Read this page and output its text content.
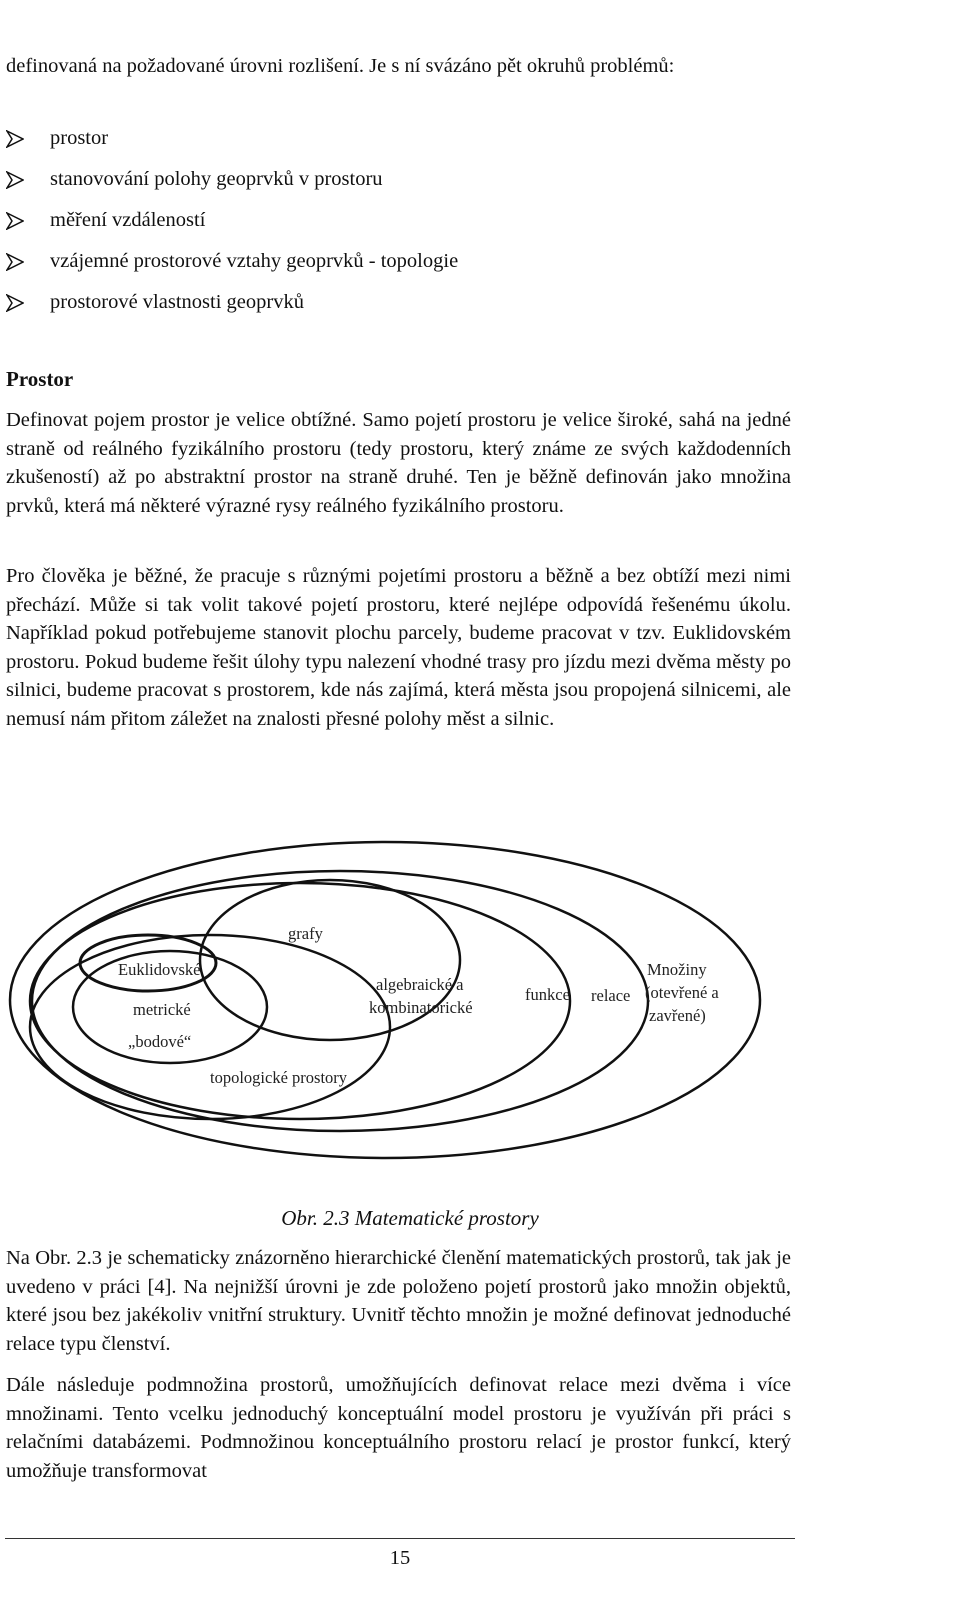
definovaná na požadované úrovni rozlišení. Je s ní svázáno pět okruhů problémů:

prostor
stanovování polohy geoprvků v prostoru
měření vzdáleností
vzájemné prostorové vztahy geoprvků - topologie
prostorové vlastnosti geoprvků
Prostor

Definovat pojem prostor je velice obtížné. Samo pojetí prostoru je velice široké, sahá na jedné straně od reálného fyzikálního prostoru (tedy prostoru, který známe ze svých každodenních zkušeností) až po abstraktní prostor na straně druhé. Ten je běžně definován jako množina prvků, která má některé výrazné rysy reálného fyzikálního prostoru.

Pro člověka je běžné, že pracuje s různými pojetími prostoru a běžně a bez obtíží mezi nimi přechází. Může si tak volit takové pojetí prostoru, které nejlépe odpovídá řešenému úkolu. Například pokud potřebujeme stanovit plochu parcely, budeme pracovat v tzv. Euklidovském prostoru. Pokud budeme řešit úlohy typu nalezení vhodné trasy pro jízdu mezi dvěma městy po silnici, budeme pracovat s prostorem, kde nás zajímá, která města jsou propojená silnicemi, ale nemusí nám přitom záležet na znalosti přesné polohy měst a silnic.

Euklidovské
metrické
„bodové“
topologické prostory
grafy
algebraické a
kombinatorické
funkce relace
Množiny
(otevřené a
zavřené)

Obr. 2.3 Matematické prostory

Na Obr. 2.3 je schematicky znázorněno hierarchické členění matematických prostorů, tak jak je uvedeno v práci [4]. Na nejnižší úrovni je zde položeno pojetí prostorů jako množin objektů, které jsou bez jakékoliv vnitřní struktury. Uvnitř těchto množin je možné definovat jednoduché relace typu členství.

Dále následuje podmnožina prostorů, umožňujících definovat relace mezi dvěma i více množinami. Tento vcelku jednoduchý konceptuální model prostoru je využíván při práci s relačními databázemi. Podmnožinou konceptuálního prostoru relací je prostor funkcí, který umožňuje transformovat

15
